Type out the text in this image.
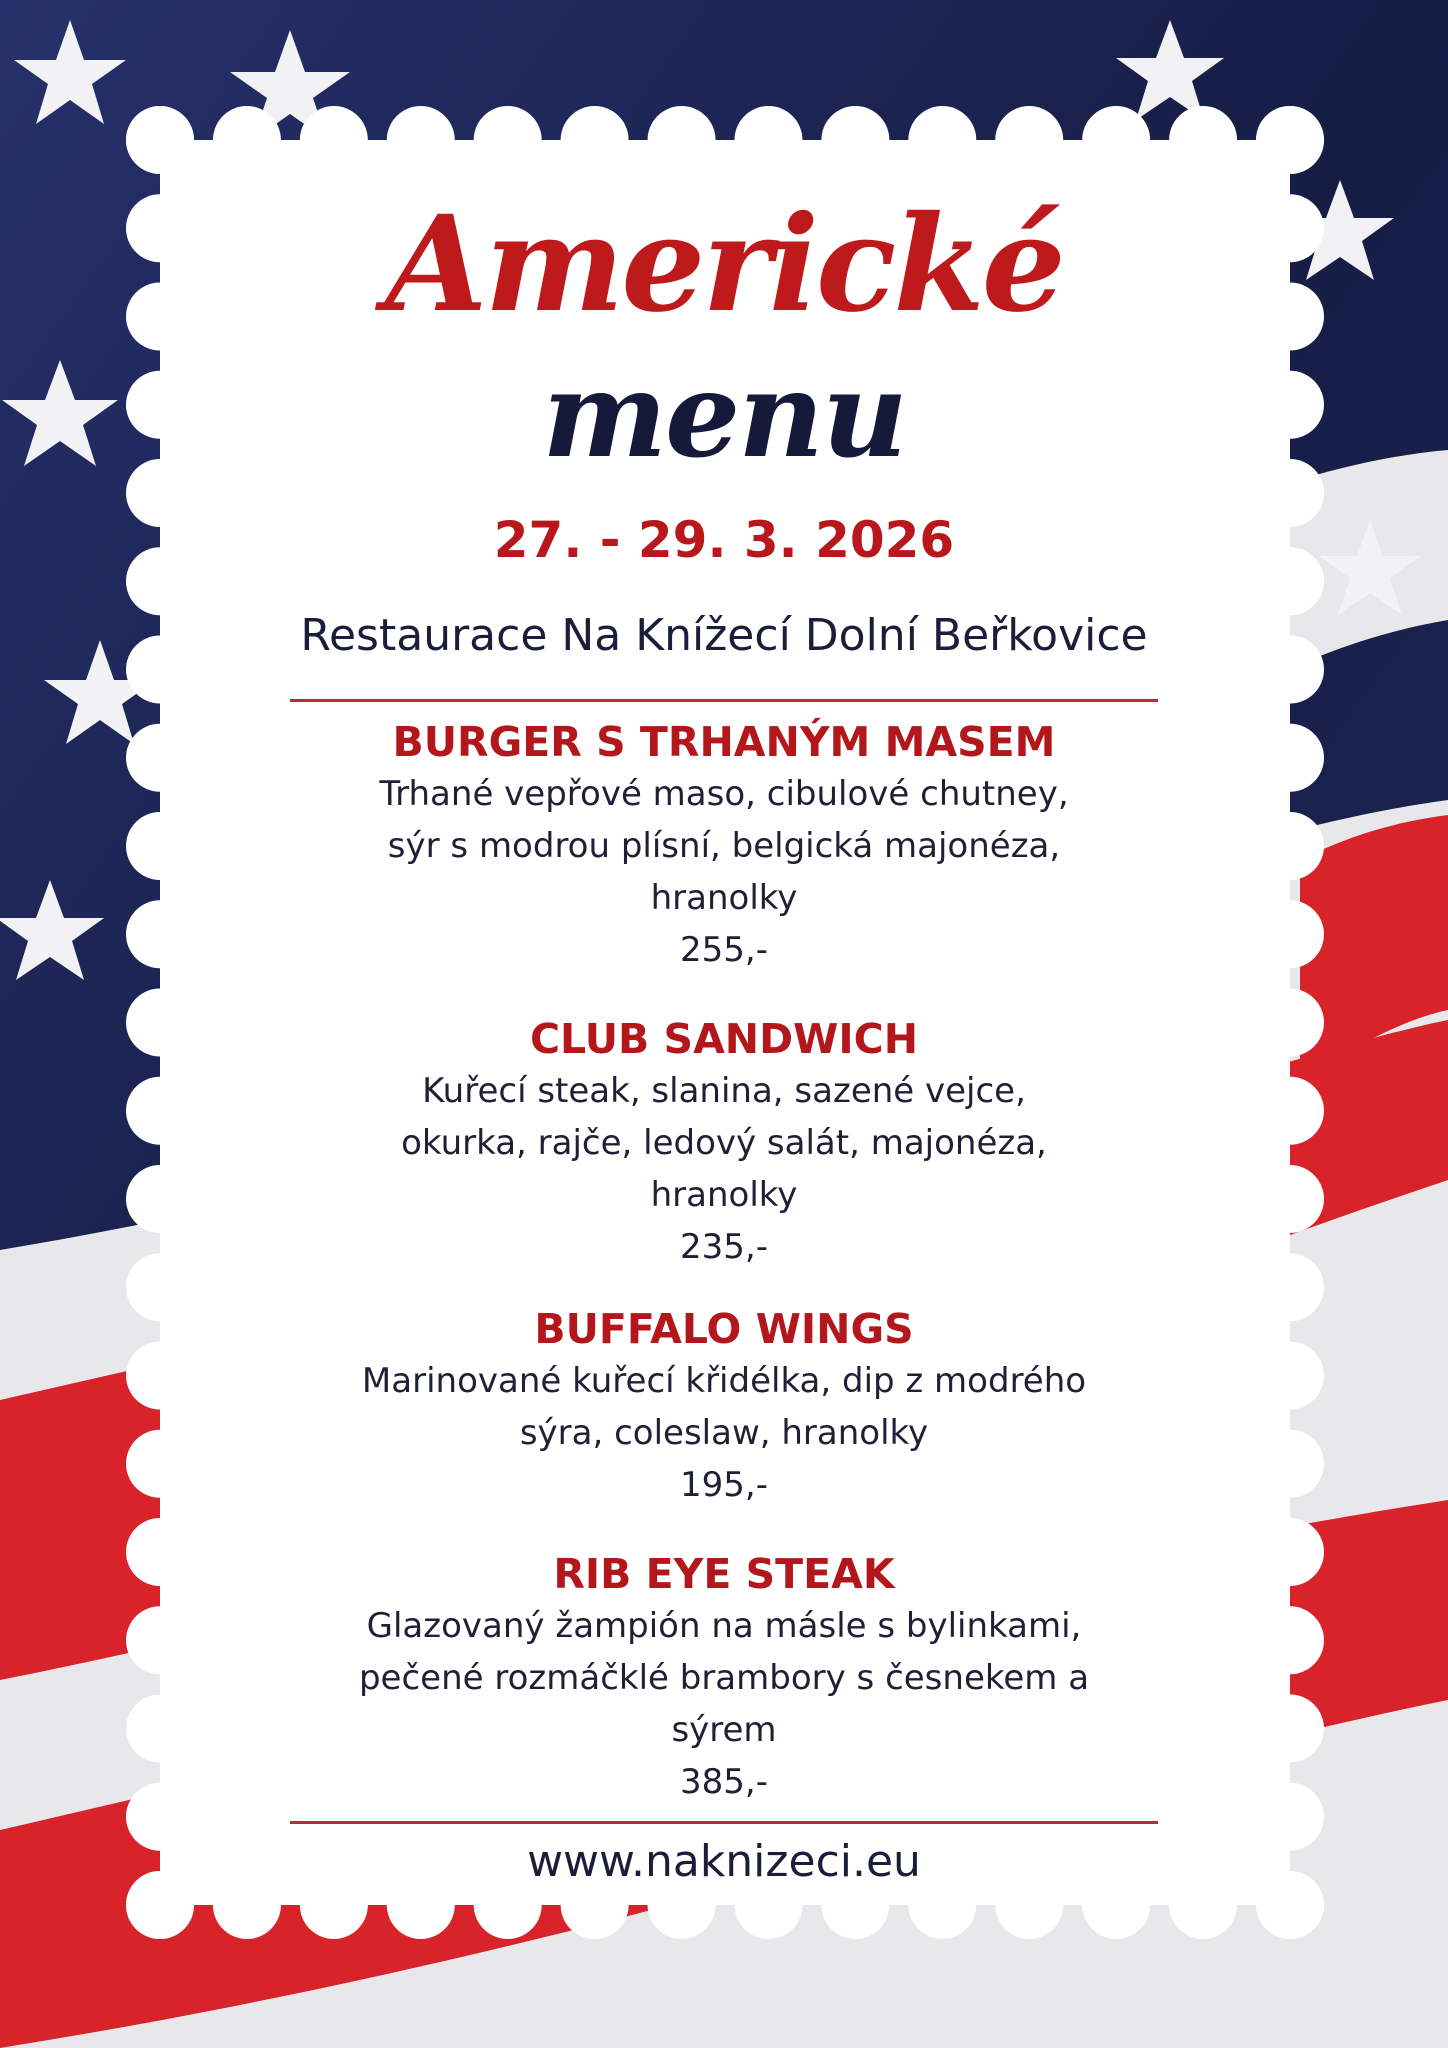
Americké
menu
27. - 29. 3. 2026
Restaurace Na Knížecí Dolní Beřkovice
BURGER S TRHANÝM MASEM
Trhané vepřové maso, cibulové chutney, sýr s modrou plísní, belgická majonéza, hranolky
255,-
CLUB SANDWICH
Kuřecí steak, slanina, sazené vejce, okurka, rajče, ledový salát, majonéza, hranolky
235,-
BUFFALO WINGS
Marinované kuřecí křidélka, dip z modrého sýra, coleslaw, hranolky
195,-
RIB EYE STEAK
Glazovaný žampión na másle s bylinkami, pečené rozmáčklé brambory s česnekem a sýrem
385,-
www.naknizeci.eu
